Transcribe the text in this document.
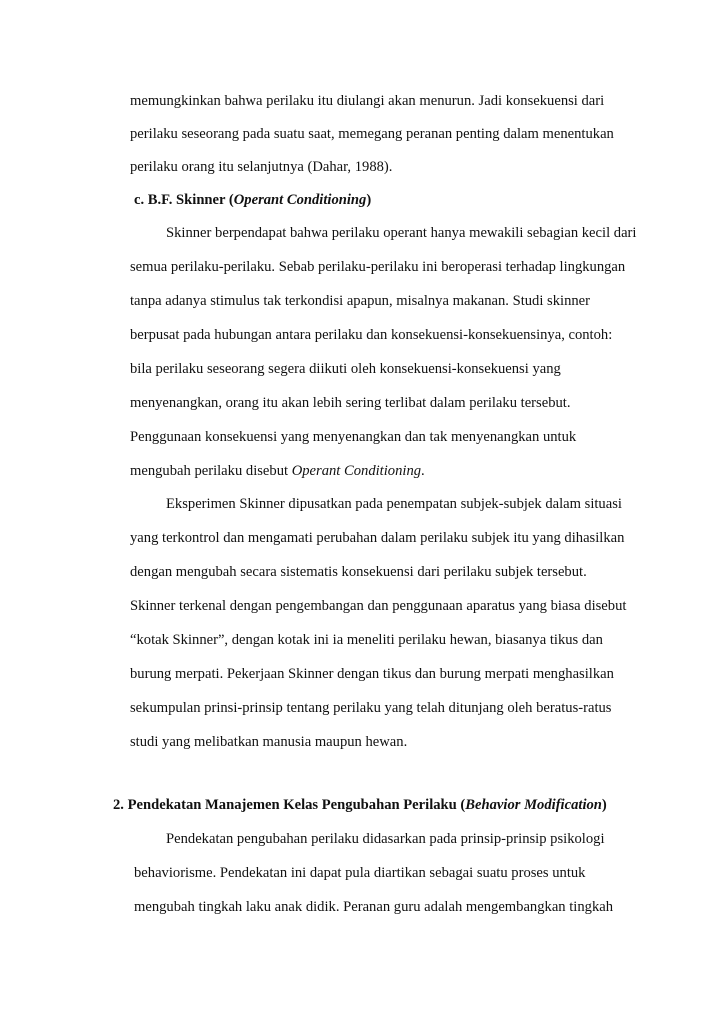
memungkinkan bahwa perilaku itu diulangi akan menurun. Jadi konsekuensi dari
perilaku seseorang pada suatu saat, memegang peranan penting dalam menentukan
perilaku orang itu selanjutnya (Dahar, 1988).
c. B.F. Skinner (Operant Conditioning)
Skinner berpendapat bahwa perilaku operant hanya mewakili sebagian kecil dari
semua perilaku-perilaku. Sebab perilaku-perilaku ini beroperasi terhadap lingkungan
tanpa adanya stimulus tak terkondisi apapun, misalnya makanan. Studi skinner
berpusat pada hubungan antara perilaku dan konsekuensi-konsekuensinya, contoh:
bila perilaku seseorang segera diikuti oleh konsekuensi-konsekuensi yang
menyenangkan, orang itu akan lebih sering terlibat dalam perilaku tersebut.
Penggunaan konsekuensi yang menyenangkan dan tak menyenangkan untuk
mengubah perilaku disebut Operant Conditioning.
Eksperimen Skinner dipusatkan pada penempatan subjek-subjek dalam situasi
yang terkontrol dan mengamati perubahan dalam perilaku subjek itu yang dihasilkan
dengan mengubah secara sistematis konsekuensi dari perilaku subjek tersebut.
Skinner terkenal dengan pengembangan dan penggunaan aparatus yang biasa disebut
“kotak Skinner”, dengan kotak ini ia meneliti perilaku hewan, biasanya tikus dan
burung merpati. Pekerjaan Skinner dengan tikus dan burung merpati menghasilkan
sekumpulan prinsi-prinsip tentang perilaku yang telah ditunjang oleh beratus-ratus
studi yang melibatkan manusia maupun hewan.
2. Pendekatan Manajemen Kelas Pengubahan Perilaku (Behavior Modification)
Pendekatan pengubahan perilaku didasarkan pada prinsip-prinsip psikologi
behaviorisme. Pendekatan ini dapat pula diartikan sebagai suatu proses untuk
mengubah tingkah laku anak didik. Peranan guru adalah mengembangkan tingkah
